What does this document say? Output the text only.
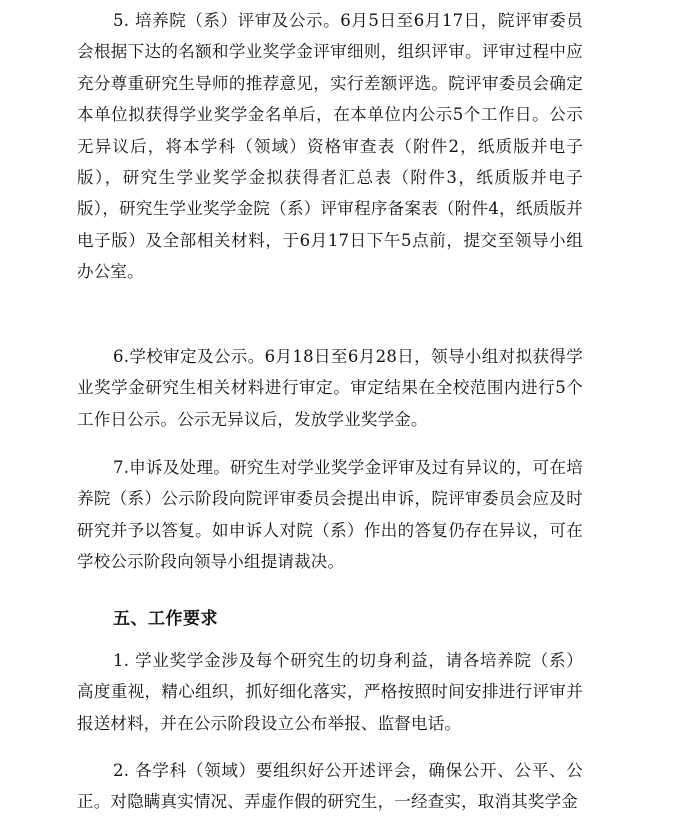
5. 培养院（系）评审及公示。6月5日至6月17日，院评审委员会根据下达的名额和学业奖学金评审细则，组织评审。评审过程中应充分尊重研究生导师的推荐意见，实行差额评选。院评审委员会确定本单位拟获得学业奖学金名单后，在本单位内公示5个工作日。公示无异议后，将本学科（领域）资格审查表（附件2，纸质版并电子版），研究生学业奖学金拟获得者汇总表（附件3，纸质版并电子版），研究生学业奖学金院（系）评审程序备案表（附件4，纸质版并电子版）及全部相关材料，于6月17日下午5点前，提交至领导小组办公室。

6.学校审定及公示。6月18日至6月28日，领导小组对拟获得学业奖学金研究生相关材料进行审定。审定结果在全校范围内进行5个工作日公示。公示无异议后，发放学业奖学金。

7.申诉及处理。研究生对学业奖学金评审及过有异议的，可在培养院（系）公示阶段向院评审委员会提出申诉，院评审委员会应及时研究并予以答复。如申诉人对院（系）作出的答复仍存在异议，可在学校公示阶段向领导小组提请裁决。

五、工作要求

1. 学业奖学金涉及每个研究生的切身利益，请各培养院（系）高度重视，精心组织，抓好细化落实，严格按照时间安排进行评审并报送材料，并在公示阶段设立公布举报、监督电话。

2. 各学科（领域）要组织好公开述评会，确保公开、公平、公正。对隐瞒真实情况、弄虚作假的研究生，一经查实，取消其奖学金
